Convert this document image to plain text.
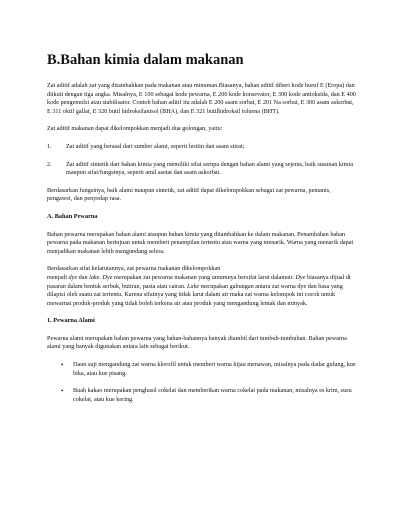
B.Bahan kimia dalam makanan

Zat aditif adalah zat yang ditambahkan pada makanan atau minuman.Biasanya, bahan aditif diberi kode huruf E (Eropa) dan diikuti dengan tiga angka. Misalnya, E 100 sebagai kode pewarna, E 200 kode konsevator, E 300 kode antioksida, dan E 400 kode pengemulsi atau stabilisator. Contoh bahan aditif itu adalah E 200 asam sorbat, E 201 Na sorbat, E 300 asam askorbat, E 311 oktil gallat, E 320 butil hidroksilanisol (BHA), dan E 321 butilhidroksil toluena (BHT).

Zat aditif makanan dapat dikelompokkan menjadi dua golongan, yaitu:

1.	Zat aditif yang berasal dari sumber alami, seperti lesitin dan asam sitrat;

2.	Zat aditif sintetik dari bahan kimia yang memiliki sifat serupa dengan bahan alami yang sejenis, baik susunan kimia maupun sifat/fungsinya, seperti amil asetat dan asam askorbat.

Berdasarkan fungsinya, baik alami maupun sintetik, zat aditif dapat dikelompokkan sebagai zat pewarna, pemanis, pengawet, dan penyedap rasa.

A. Bahan Pewarna

Bahan pewarna merupakan bahan alami ataupun bahan kimia yang ditambahkan ke dalam makanan. Penambahan bahan pewarna pada makanan bertujuan untuk memberi penampilan tertentu atau warna yang menarik. Warna yang menarik dapat menjadikan makanan lebih mengundang selera.

Berdasarkan sifat kelarutannya, zat pewarna makanan dikelompokkan
menjadi dye dan lake. Dye merupakan zat pewarna makanan yang umumnya bersifat larut dalamair. Dye biasanya dijual di pasaran dalam bentuk serbuk, butiran, pasta atau cairan. Lake merupakan gabungan antara zat warna dye dan basa yang dilapisi oleh suatu zat tertentu. Karena sifatnya yang tidak larut dalam air maka zat warna kelompok ini cocok untuk mewarnai produk-produk yang tidak boleh terkena air atau produk yang mengandung lemak dan minyak.

1. Pewarna Alami

Pewarna alami merupakan bahan pewarna yang bahan-bahannya banyak diambil dari tumbuh-tumbuhan. Bahan pewarna alami yang banyak digunakan antara lain sebagai berikut.

•	Daun suji mengandung zat warna klorofil untuk memberi warna hijau menawan, misalnya pada dadar gulung, kue bika, atau kue pisang.
•	Buah kakao merupakan penghasil cokelat dan memberikan warna cokelat pada makanan, misalnya es krim, susu cokelat, atau kue kering.
